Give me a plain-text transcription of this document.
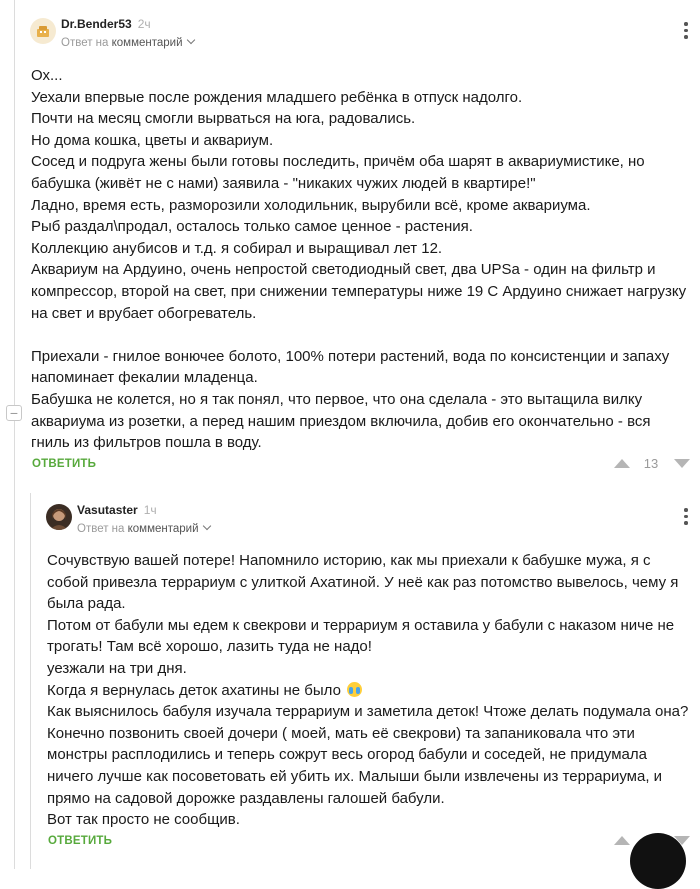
−
Dr.Bender53 2ч
Ответ на комментарий
Ох...
Уехали впервые после рождения младшего ребёнка в отпуск надолго.
Почти на месяц смогли вырваться на юга, радовались.
Но дома кошка, цветы и аквариум.
Сосед и подруга жены были готовы последить, причём оба шарят в аквариумистике, но бабушка (живёт не с нами) заявила - "никаких чужих людей в квартире!"
Ладно, время есть, разморозили холодильник, вырубили всё, кроме аквариума.
Рыб раздал\продал, осталось только самое ценное - растения.
Коллекцию анубисов и т.д. я собирал и выращивал лет 12.
Аквариум на Ардуино, очень непростой светодиодный свет, два UPSa - один на фильтр и компрессор, второй на свет, при снижении температуры ниже 19 С Ардуино снижает нагрузку на свет и врубает обогреватель.

Приехали - гнилое вонючее болото, 100% потери растений, вода по консистенции и запаху напоминает фекалии младенца.
Бабушка не колется, но я так понял, что первое, что она сделала - это вытащила вилку аквариума из розетки, а перед нашим приездом включила, добив его окончательно - вся гниль из фильтров пошла в воду.
ОТВЕТИТЬ	13
Vasutaster 1ч
Ответ на комментарий
Сочувствую вашей потере! Напомнило историю, как мы приехали к бабушке мужа, я с собой привезла террариум с улиткой Ахатиной. У неё как раз потомство вывелось, чему я была рада.
Потом от бабули мы едем к свекрови и террариум я оставила у бабули с наказом ниче не трогать! Там всё хорошо, лазить туда не надо!
уезжали на три дня.
Когда я вернулась деток ахатины не было
Как выяснилось бабуля изучала террариум и заметила деток! Чтоже делать подумала она? Конечно позвонить своей дочери ( моей, мать её свекрови) та запаниковала что эти монстры расплодились и теперь сожрут весь огород бабули и соседей, не придумала ничего лучше как посоветовать ей убить их. Малыши были извлечены из террариума, и прямо на садовой дорожке раздавлены галошей бабули.
Вот так просто не сообщив.
ОТВЕТИТЬ
